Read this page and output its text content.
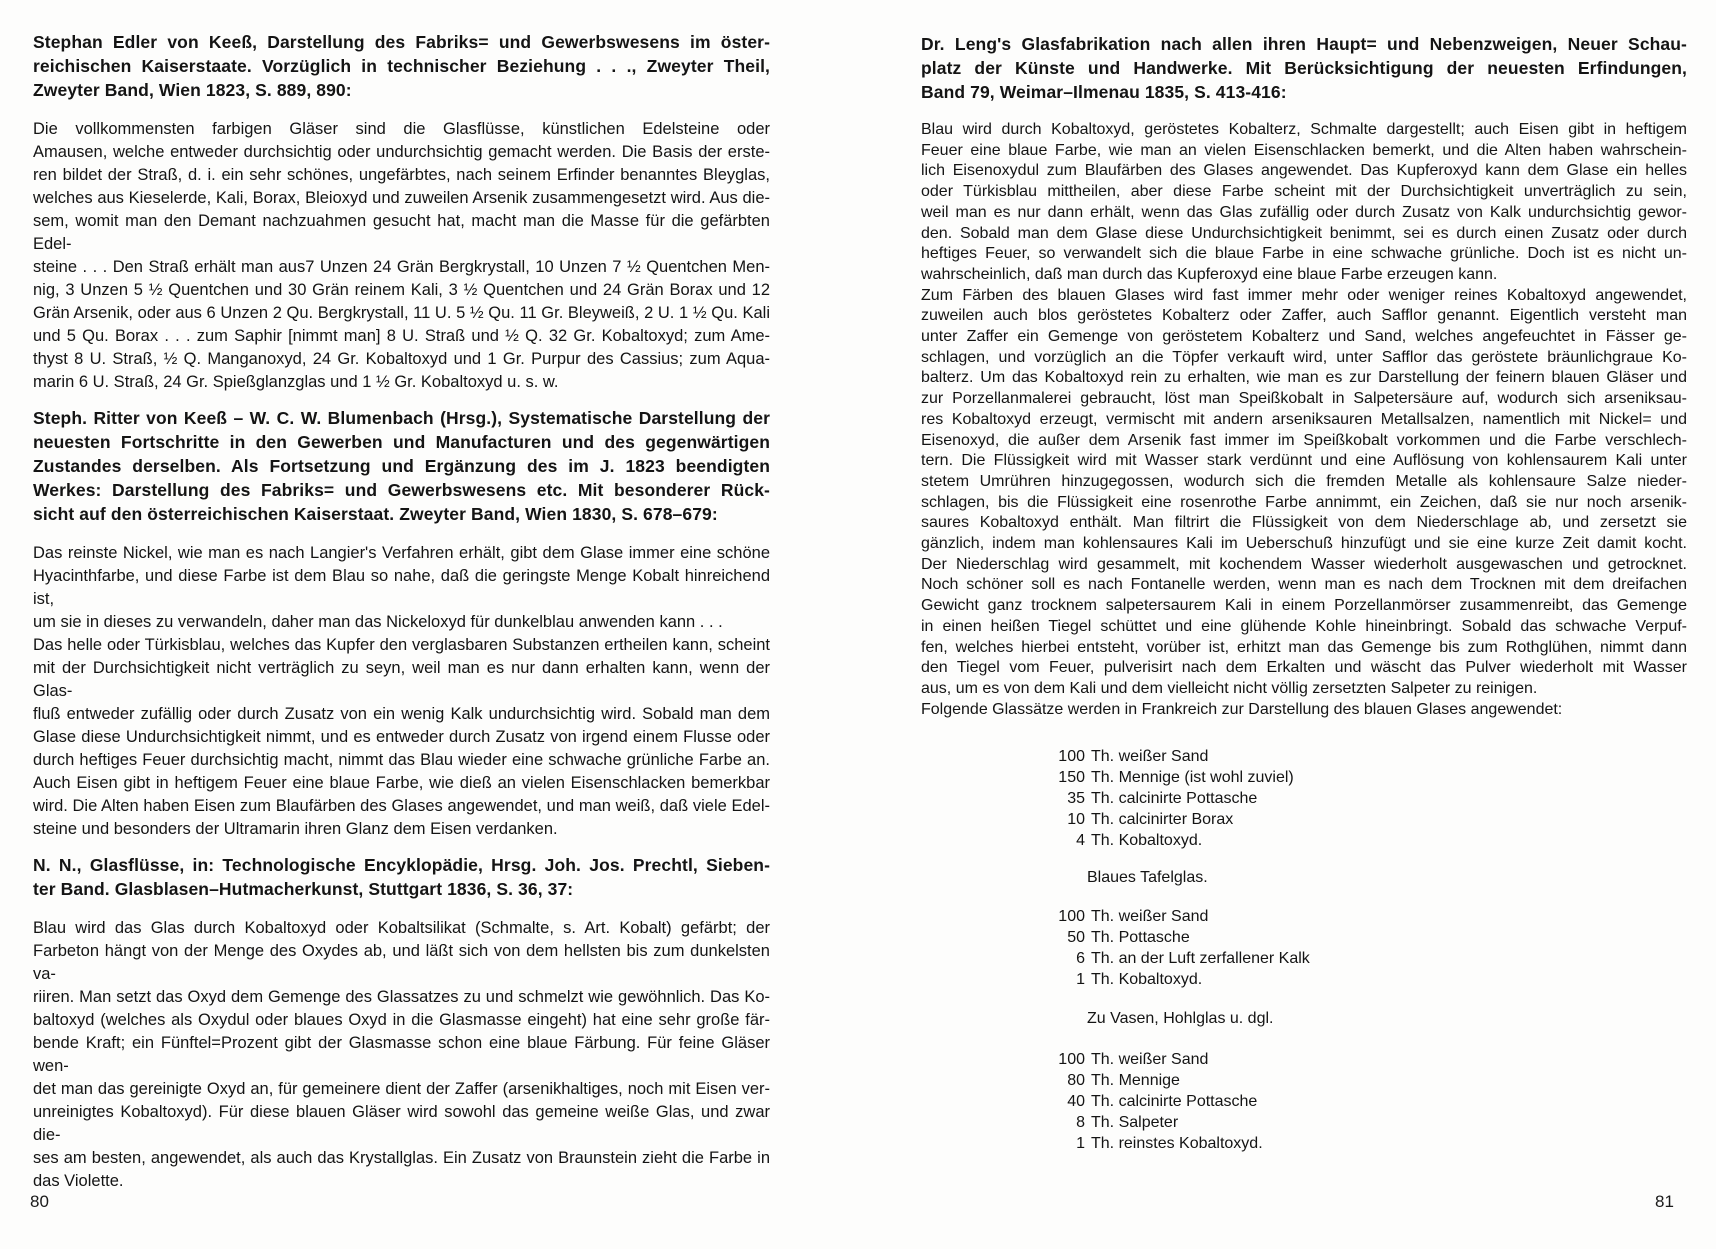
Stephan Edler von Keeß, Darstellung des Fabriks= und Gewerbswesens im öster-
reichischen Kaiserstaate. Vorzüglich in technischer Beziehung . . ., Zweyter Theil,
Zweyter Band, Wien 1823, S. 889, 890:
Die vollkommensten farbigen Gläser sind die Glasflüsse, künstlichen Edelsteine oder
Amausen, welche entweder durchsichtig oder undurchsichtig gemacht werden. Die Basis der erste-
ren bildet der Straß, d. i. ein sehr schönes, ungefärbtes, nach seinem Erfinder benanntes Bleyglas,
welches aus Kieselerde, Kali, Borax, Bleioxyd und zuweilen Arsenik zusammengesetzt wird. Aus die-
sem, womit man den Demant nachzuahmen gesucht hat, macht man die Masse für die gefärbten Edel-
steine . . . Den Straß erhält man aus7 Unzen 24 Grän Bergkrystall, 10 Unzen 7 ½ Quentchen Men-
nig, 3 Unzen 5 ½ Quentchen und 30 Grän reinem Kali, 3 ½ Quentchen und 24 Grän Borax und 12
Grän Arsenik, oder aus 6 Unzen 2 Qu. Bergkrystall, 11 U. 5 ½ Qu. 11 Gr. Bleyweiß, 2 U. 1 ½ Qu. Kali
und 5 Qu. Borax . . . zum Saphir [nimmt man] 8 U. Straß und ½ Q. 32 Gr. Kobaltoxyd; zum Ame-
thyst 8 U. Straß, ½ Q. Manganoxyd, 24 Gr. Kobaltoxyd und 1 Gr. Purpur des Cassius; zum Aqua-
marin 6 U. Straß, 24 Gr. Spießglanzglas und 1 ½ Gr. Kobaltoxyd u. s. w.
Steph. Ritter von Keeß – W. C. W. Blumenbach (Hrsg.), Systematische Darstellung der
neuesten Fortschritte in den Gewerben und Manufacturen und des gegenwärtigen
Zustandes derselben. Als Fortsetzung und Ergänzung des im J. 1823 beendigten
Werkes: Darstellung des Fabriks= und Gewerbswesens etc. Mit besonderer Rück-
sicht auf den österreichischen Kaiserstaat. Zweyter Band, Wien 1830, S. 678–679:
Das reinste Nickel, wie man es nach Langier's Verfahren erhält, gibt dem Glase immer eine schöne
Hyacinthfarbe, und diese Farbe ist dem Blau so nahe, daß die geringste Menge Kobalt hinreichend ist,
um sie in dieses zu verwandeln, daher man das Nickeloxyd für dunkelblau anwenden kann . . .
Das helle oder Türkisblau, welches das Kupfer den verglasbaren Substanzen ertheilen kann, scheint
mit der Durchsichtigkeit nicht verträglich zu seyn, weil man es nur dann erhalten kann, wenn der Glas-
fluß entweder zufällig oder durch Zusatz von ein wenig Kalk undurchsichtig wird. Sobald man dem
Glase diese Undurchsichtigkeit nimmt, und es entweder durch Zusatz von irgend einem Flusse oder
durch heftiges Feuer durchsichtig macht, nimmt das Blau wieder eine schwache grünliche Farbe an.
Auch Eisen gibt in heftigem Feuer eine blaue Farbe, wie dieß an vielen Eisenschlacken bemerkbar
wird. Die Alten haben Eisen zum Blaufärben des Glases angewendet, und man weiß, daß viele Edel-
steine und besonders der Ultramarin ihren Glanz dem Eisen verdanken.
N. N., Glasflüsse, in: Technologische Encyklopädie, Hrsg. Joh. Jos. Prechtl, Sieben-
ter Band. Glasblasen–Hutmacherkunst, Stuttgart 1836, S. 36, 37:
Blau wird das Glas durch Kobaltoxyd oder Kobaltsilikat (Schmalte, s. Art. Kobalt) gefärbt; der
Farbeton hängt von der Menge des Oxydes ab, und läßt sich von dem hellsten bis zum dunkelsten va-
riiren. Man setzt das Oxyd dem Gemenge des Glassatzes zu und schmelzt wie gewöhnlich. Das Ko-
baltoxyd (welches als Oxydul oder blaues Oxyd in die Glasmasse eingeht) hat eine sehr große fär-
bende Kraft; ein Fünftel=Prozent gibt der Glasmasse schon eine blaue Färbung. Für feine Gläser wen-
det man das gereinigte Oxyd an, für gemeinere dient der Zaffer (arsenikhaltiges, noch mit Eisen ver-
unreinigtes Kobaltoxyd). Für diese blauen Gläser wird sowohl das gemeine weiße Glas, und zwar die-
ses am besten, angewendet, als auch das Krystallglas. Ein Zusatz von Braunstein zieht die Farbe in
das Violette.
Dr. Leng's Glasfabrikation nach allen ihren Haupt= und Nebenzweigen, Neuer Schau-
platz der Künste und Handwerke. Mit Berücksichtigung der neuesten Erfindungen,
Band 79, Weimar–Ilmenau 1835, S. 413-416:
Blau wird durch Kobaltoxyd, geröstetes Kobalterz, Schmalte dargestellt; auch Eisen gibt in heftigem
Feuer eine blaue Farbe, wie man an vielen Eisenschlacken bemerkt, und die Alten haben wahrschein-
lich Eisenoxydul zum Blaufärben des Glases angewendet. Das Kupferoxyd kann dem Glase ein helles
oder Türkisblau mittheilen, aber diese Farbe scheint mit der Durchsichtigkeit unverträglich zu sein,
weil man es nur dann erhält, wenn das Glas zufällig oder durch Zusatz von Kalk undurchsichtig gewor-
den. Sobald man dem Glase diese Undurchsichtigkeit benimmt, sei es durch einen Zusatz oder durch
heftiges Feuer, so verwandelt sich die blaue Farbe in eine schwache grünliche. Doch ist es nicht un-
wahrscheinlich, daß man durch das Kupferoxyd eine blaue Farbe erzeugen kann.
Zum Färben des blauen Glases wird fast immer mehr oder weniger reines Kobaltoxyd angewendet,
zuweilen auch blos geröstetes Kobalterz oder Zaffer, auch Safflor genannt. Eigentlich versteht man
unter Zaffer ein Gemenge von geröstetem Kobalterz und Sand, welches angefeuchtet in Fässer ge-
schlagen, und vorzüglich an die Töpfer verkauft wird, unter Safflor das geröstete bräunlichgraue Ko-
balterz. Um das Kobaltoxyd rein zu erhalten, wie man es zur Darstellung der feinern blauen Gläser und
zur Porzellanmalerei gebraucht, löst man Speißkobalt in Salpetersäure auf, wodurch sich arseniksau-
res Kobaltoxyd erzeugt, vermischt mit andern arseniksauren Metallsalzen, namentlich mit Nickel= und
Eisenoxyd, die außer dem Arsenik fast immer im Speißkobalt vorkommen und die Farbe verschlech-
tern. Die Flüssigkeit wird mit Wasser stark verdünnt und eine Auflösung von kohlensaurem Kali unter
stetem Umrühren hinzugegossen, wodurch sich die fremden Metalle als kohlensaure Salze nieder-
schlagen, bis die Flüssigkeit eine rosenrothe Farbe annimmt, ein Zeichen, daß sie nur noch arsenik-
saures Kobaltoxyd enthält. Man filtrirt die Flüssigkeit von dem Niederschlage ab, und zersetzt sie
gänzlich, indem man kohlensaures Kali im Ueberschuß hinzufügt und sie eine kurze Zeit damit kocht.
Der Niederschlag wird gesammelt, mit kochendem Wasser wiederholt ausgewaschen und getrocknet.
Noch schöner soll es nach Fontanelle werden, wenn man es nach dem Trocknen mit dem dreifachen
Gewicht ganz trocknem salpetersaurem Kali in einem Porzellanmörser zusammenreibt, das Gemenge
in einen heißen Tiegel schüttet und eine glühende Kohle hineinbringt. Sobald das schwache Verpuf-
fen, welches hierbei entsteht, vorüber ist, erhitzt man das Gemenge bis zum Rothglühen, nimmt dann
den Tiegel vom Feuer, pulverisirt nach dem Erkalten und wäscht das Pulver wiederholt mit Wasser
aus, um es von dem Kali und dem vielleicht nicht völlig zersetzten Salpeter zu reinigen.
Folgende Glassätze werden in Frankreich zur Darstellung des blauen Glases angewendet:
100 Th. weißer Sand
150 Th. Mennige (ist wohl zuviel)
35 Th. calcinirte Pottasche
10 Th. calcinirter Borax
4 Th. Kobaltoxyd.
Blaues Tafelglas.
100 Th. weißer Sand
50 Th. Pottasche
6 Th. an der Luft zerfallener Kalk
1 Th. Kobaltoxyd.
Zu Vasen, Hohlglas u. dgl.
100 Th. weißer Sand
80 Th. Mennige
40 Th. calcinirte Pottasche
8 Th. Salpeter
1 Th. reinstes Kobaltoxyd.
80	81
